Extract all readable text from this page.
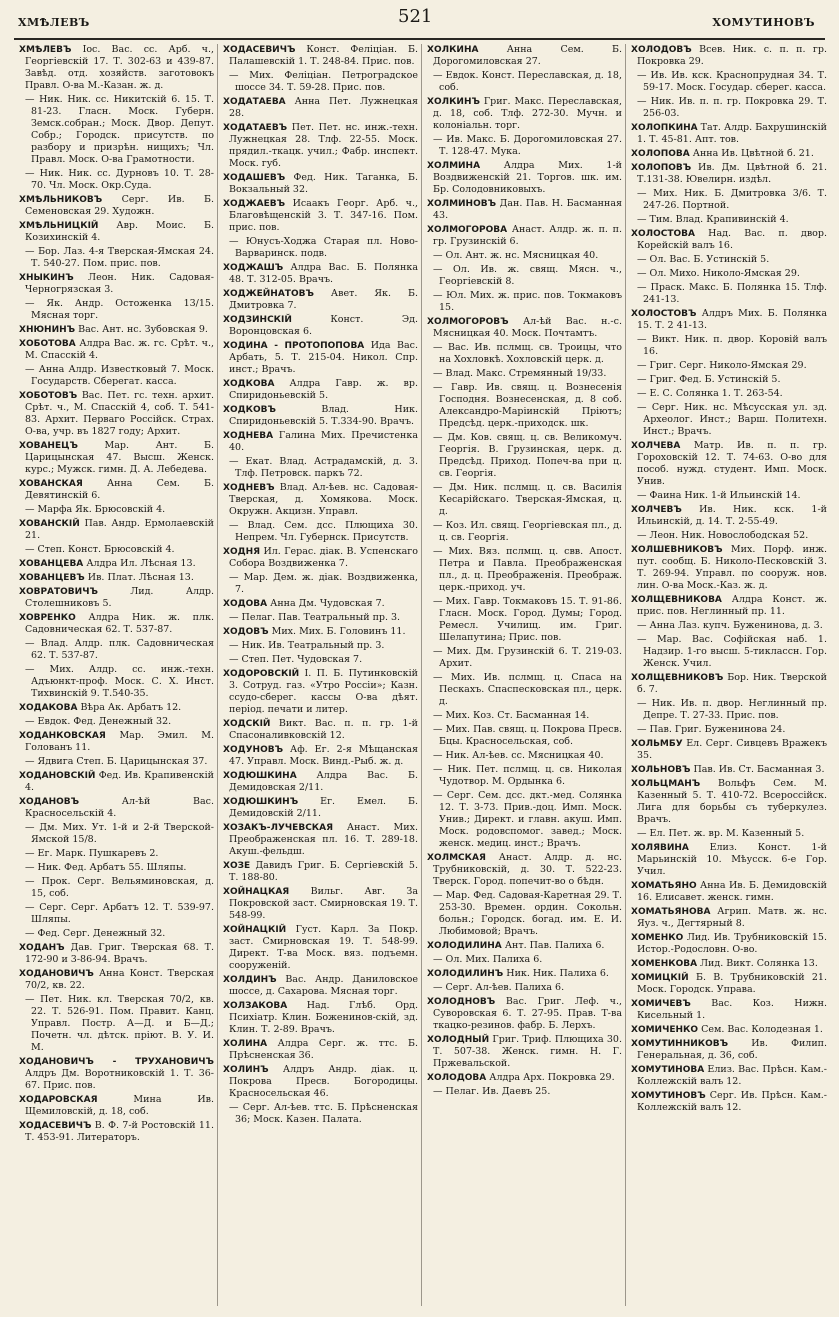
ХМѢЛЕВЪ	521	ХОМУТИНОВЪ
ХМѢЛЕВЪ Іос. Вас. сс. Арб. ч., Георгіевскій 17. Т. 302-63 и 439-87. Завѣд. отд. хозяйств. заготовокъ Правл. О-ва М.-Казан. ж. д.
— Ник. Ник. сс. Никитскій 6. 15. Т. 81-23. Гласн. Моск. Губерн. Земск.собран.; Моск. Двор. Депут. Собр.; Городск. присутств. по разбору и призрѣн. нищихъ; Чл. Правл. Моск. О-ва Грамотности.
— Ник. Ник. сс. Дурновъ 10. Т. 28-70. Чл. Моск. Окр.Суда.
ХМѢЛЬНИКОВЪ Серг. Ив. Б. Семеновская 29. Художн.
ХМѢЛЬНИЦКІЙ Авр. Моис. Б. Козихинскій 4.
— Бор. Лаз. 4-я Тверская-Ямская 24. Т. 540-27. Пом. прис. пов.
ХНЫКИНЪ Леон. Ник. Садовая-Черногрязская 3.
— Як. Андр. Остоженка 13/15. Мясная торг.
ХНЮНИНЪ Вас. Ант. нс. Зубовская 9.
ХОБОТОВА Алдра Вас. ж. гс. Срѣт. ч., М. Спасскій 4.
— Анна Алдр. Известковый 7. Моск. Государств. Сберегат. касса.
ХОБОТОВЪ Вас. Пет. гс. техн. архит. Срѣт. ч., М. Спасскій 4, соб. Т. 541-83. Архит. Перваго Россійск. Страх. О-ва, учр. въ 1827 году; Архит.
ХОВАНЕЦЪ	Мар. Ант. Б. Царицынская 47. Высш. Женск. курс.; Мужск. гимн. Д. А. Лебедева.
ХОВАНСКАЯ	Анна Сем. Б. Девятинскій 6.
— Марфа Як. Брюсовскій 4.
ХОВАНСКІЙ Пав. Андр. Ермолаевскій 21.
— Степ. Конст. Брюсовскій 4.
ХОВАНЦЕВА Алдра Ил. Лѣсная 13.
ХОВАНЦЕВЪ Ив. Плат. Лѣсная 13.
ХОВРАТОВИЧЪ	Лид. Алдр. Столешниковъ 5.
ХОВРЕНКО Алдра Ник. ж. плк. Садовническая 62. Т. 537-87.
— Влад. Алдр. плк. Садовническая 62. Т. 537-87.
— Мих. Алдр. сс. инж.-техн. Адъюнкт-проф. Моск. С. Х. Инст. Тихвинскій 9. Т.540-35.
ХОДАКОВА Вѣра Ак. Арбатъ 12.
— Евдок. Фед. Денежный 32.
ХОДАНКОВСКАЯ Мар. Эмил. М. Голованъ 11.
— Ядвига Степ. Б. Царицынская 37.
ХОДАНОВСКІЙ Фед. Ив. Крапивенскій 4.
ХОДАНОВЪ	Ал-ѣй Вас. Красносельскій 4.
— Дм. Мих. Ут. 1-й и 2-й Тверской-Ямской 15/8.
— Ег. Марк. Пушкаревъ 2.
— Ник. Фед. Арбатъ 55. Шляпы.
— Прок. Серг. Вельяминовская, д. 15, соб.
— Серг. Серг. Арбатъ 12. Т. 539-97. Шляпы.
— Фед. Серг. Денежный 32.
ХОДАНЪ Дав. Григ. Тверская 68. Т. 172-90 и 3-86-94. Врачъ.
ХОДАНОВИЧЪ Анна Конст. Тверская 70/2, кв. 22.
— Пет. Ник. кл. Тверская 70/2, кв. 22. Т. 526-91. Пом. Правит. Канц. Управл. Постр. А—Д. и Б—Д.; Почетн. чл. дѣтск. пріют. В. У. И. М.
ХОДАНОВИЧЪ - ТРУХАНОВИЧЪ Алдръ Дм. Воротниковскій 1. Т. 36-67. Прис. пов.
ХОДАРОВСКАЯ	Мина Ив. Щемиловскій, д. 18, соб.
ХОДАСЕВИЧЪ В. Ф. 7-й Ростовскій 11. Т. 453-91. Литераторъ.
ХОДАСЕВИЧЪ Конст. Феліціан. Б. Палашевскій 1. Т. 248-84. Прис. пов.
— Мих. Феліціан. Петроградское шоссе 34. Т. 59-28. Прис. пов.
ХОДАТАЕВА Анна Пет. Лужнецкая 28.
ХОДАТАЕВЪ Пет. Пет. нс. инж.-техн. Лужнецкая 28. Тлф. 22-55. Моск. прядил.-ткацк. учил.; Фабр. инспект. Моск. губ.
ХОДАШЕВЪ Фед. Ник. Таганка, Б. Вокзальный 32.
ХОДЖАЕВЪ Исаакъ Георг. Арб. ч., Благовѣщенскій 3. Т. 347-16. Пом. прис. пов.
— Юнусъ-Ходжа Старая пл. Ново-Варваринск. подв.
ХОДЖАШЪ Алдра Вас. Б. Полянка 48. Т. 312-05. Врачъ.
ХОДЖЕЙНАТОВЪ Авет. Як. Б. Дмитровка 7.
ХОДЗИНСКІЙ	Конст. Эд. Воронцовская 6.
ХОДИНА - ПРОТОПОПОВА Ида Вас. Арбать, 5. Т. 215-04. Никол. Спр. инст.; Врачъ.
ХОДКОВА Алдра Гавр. ж. вр. Спиридоньевскій 5.
ХОДКОВЪ	Влад. Ник. Спиридоньевскій 5. Т.334-90. Врачъ.
ХОДНЕВА Галина Мих. Пречистенка 40.
— Екат. Влад. Астрадамскій, д. 3. Тлф. Петровск. паркъ 72.
ХОДНЕВЪ Влад. Ал-ѣев. нс. Садовая-Тверская, д. Хомякова. Моск. Окружн. Акцизн. Управл.
— Влад. Сем. дсс. Плющиха 30. Непрем. Чл. Губернск. Присутств.
ХОДНЯ Ил. Герас. діак. В. Успенскаго Собора Воздвиженка 7.
— Мар. Дем. ж. діак. Воздвиженка, 7.
ХОДОВА Анна Дм. Чудовская 7.
— Пелаг. Пав. Театральный пр. 3.
ХОДОВЪ Мих. Мих. Б. Головинъ 11.
— Ник. Ив. Театральный пр. 3.
— Степ. Пет. Чудовская 7.
ХОДОРОВСКІЙ І. П. Б. Путинковскій 3. Сотруд. газ. «Утро Россіи»; Казн. ссудо-сберег. кассы О-ва дѣят. період. печати и литер.
ХОДСКІЙ Викт. Вас. п. п. гр. 1-й Спасоналивковскій 12.
ХОДУНОВЪ Аф. Ег. 2-я Мѣщанская 47. Управл. Моск. Винд.-Рыб. ж. д.
ХОДЮШКИНА Алдра Вас. Б. Демидовская 2/11.
ХОДЮШКИНЪ Ег. Емел. Б. Демидовскій 2/11.
ХОЗАКЪ-ЛУЧЕВСКАЯ Анаст. Мих. Преображенская пл. 16. Т. 289-18. Акуш.-фельдш.
ХОЗЕ Давидъ Григ. Б. Сергіевскій 5. Т. 188-80.
ХОЙНАЦКАЯ Вильг. Авг. За Покровской заст. Смирновская 19. Т. 548-99.
ХОЙНАЦКІЙ Густ. Карл. За Покр. заст. Смирновская 19. Т. 548-99. Директ. Т-ва Моск. вяз. подъемн. сооруженій.
ХОЛДИНЪ Вас. Андр. Даниловское шоссе, д. Сахарова. Мясная торг.
ХОЛЗАКОВА Над. Глѣб. Орд. Психіатр. Клин. Боженинов-скій, зд. Клин. Т. 2-89. Врачъ.
ХОЛИНА Алдра Серг. ж. ттс. Б. Прѣсненская 36.
ХОЛИНЪ Алдръ Андр. діак. ц. Покрова Пресв. Богородицы. Красносельская 46.
— Серг. Ал-ѣев. ттс. Б. Прѣсненская 36; Моск. Казен. Палата.
ХОЛКИНА	Анна Сем. Б. Дорогомиловская 27.
— Евдок. Конст. Переславская, д. 18, соб.
ХОЛКИНЪ Григ. Макс. Переславская, д. 18, соб. Тлф. 272-30. Мучн. и колоніальн. торг.
— Ив. Макс. Б. Дорогомиловская 27. Т. 128-47. Мука.
ХОЛМИНА Алдра Мих. 1-й Воздвиженскій 21. Торгов. шк. им. Бр. Солодовниковыхъ.
ХОЛМИНОВЪ Дан. Пав. Н. Басманная 43.
ХОЛМОГОРОВА Анаст. Алдр. ж. п. п. гр. Грузинскій 6.
— Ол. Ант. ж. нс. Мясницкая 40.
— Ол. Ив. ж. свящ. Мясн. ч., Георгіевскій 8.
— Юл. Мих. ж. прис. пов. Токмаковъ 15.
ХОЛМОГОРОВЪ Ал-ѣй Вас. н.-с. Мясницкая 40. Моск. Почтамтъ.
— Вас. Ив. пслмщ. св. Троицы, что на Хохловкѣ. Хохловскій церк. д.
— Влад. Макс. Стремянный 19/33.
— Гавр. Ив. свящ. ц. Вознесенія Господня. Вознесенская, д. 8 соб. Александро-Маріинскій Пріютъ; Предсѣд. церк.-приходск. шк.
— Дм. Ков. свящ. ц. св. Великомуч. Георгія. В. Грузинская, церк. д. Предсѣд. Приход. Попеч-ва при ц. св. Георгія.
— Дм. Ник. пслмщ. ц. св. Василія Кесарійскаго. Тверская-Ямская, ц. д.
— Коз. Ил. свящ. Георгіевская пл., д. ц. св. Георгія.
— Мих. Вяз. пслмщ. ц. свв. Апост. Петра и Павла. Преображенская пл., д. ц. Преображенія. Преображ. церк.-приход. уч.
— Мих. Гавр. Токмаковъ 15. Т. 91-86. Гласн. Моск. Город. Думы; Город. Ремесл. Училищ. им. Григ. Шелапутина; Прис. пов.
— Мих. Дм. Грузинскій 6. Т. 219-03. Архит.
— Мих. Ив. пслмщ. ц. Спаса на Пескахъ. Спаспесковская пл., церк. д.
— Мих. Коз. Ст. Басманная 14.
— Мих. Пав. свящ. ц. Покрова Пресв. Бцы. Красносельская, соб.
— Ник. Ал-ѣев. сс. Мясницкая 40.
— Ник. Пет. пслмщ. ц. св. Николая Чудотвор. М. Ордынка 6.
— Серг. Сем. дсс. дкт.-мед. Солянка 12. Т. 3-73. Прив.-доц. Имп. Моск. Унив.; Директ. и главн. акуш. Имп. Моск. родовспомог. завед.; Моск. женск. медиц. инст.; Врачъ.
ХОЛМСКАЯ Анаст. Алдр. д. нс. Трубниковскій, д. 30. Т. 522-23. Тверск. Город. попечит-во о бѣдн.
— Мар. Фед. Садовая-Каретная 29. Т. 253-30. Времен. ордин. Сокольн. больн.; Городск. богад. им. Е. И. Любимовой; Врачъ.
ХОЛОДИЛИНА Ант. Пав. Палиха 6.
— Ол. Мих. Палиха 6.
ХОЛОДИЛИНЪ Ник. Ник. Палиха 6.
— Серг. Ал-ѣев. Палиха 6.
ХОЛОДНОВЪ Вас. Григ. Леф. ч., Суворовская 6. Т. 27-95. Прав. Т-ва ткацко-резинов. фабр. Б. Лерхъ.
ХОЛОДНЫЙ Григ. Триф. Плющиха 30. Т. 507-38. Женск. гимн. Н. Г. Пржевальской.
ХОЛОДОВА Алдра Арх. Покровка 29.
— Пелаг. Ив. Даевъ 25.
ХОЛОДОВЪ Всев. Ник. с. п. п. гр. Покровка 29.
— Ив. Ив. кск. Краснопрудная 34. Т. 59-17. Моск. Государ. сберег. касса.
— Ник. Ив. п. п. гр. Покровка 29. Т. 256-03.
ХОЛОПКИНА Тат. Алдр. Бахрушинскій 1. Т. 45-81. Апт. тов.
ХОЛОПОВА Анна Ив. Цвѣтной б. 21.
ХОЛОПОВЪ Ив. Дм. Цвѣтной б. 21. Т.131-38. Ювелирн. издѣл.
— Мих. Ник. Б. Дмитровка 3/6. Т. 247-26. Портной.
— Тим. Влад. Крапивинскій 4.
ХОЛОСТОВА Над. Вас. п. двор. Корейскій валъ 16.
— Ол. Вас. Б. Устинскій 5.
— Ол. Михо. Николо-Ямская 29.
— Праск. Макс. Б. Полянка 15. Тлф. 241-13.
ХОЛОСТОВЪ Алдръ Мих. Б. Полянка 15. Т. 2 41-13.
— Викт. Ник. п. двор. Коровій валъ 16.
— Григ. Серг. Николо-Ямская 29.
— Григ. Фед. Б. Устинскій 5.
— Е. С. Солянка 1. Т. 263-54.
— Серг. Ник. нс. Мѣсусская ул. зд. Археолог. Инст.; Варш. Политехн. Инст.; Врачъ.
ХОЛЧЕВА Матр. Ив. п. п. гр. Гороховскій 12. Т. 74-63. О-во для пособ. нужд. студент. Имп. Моск. Унив.
— Фаина Ник. 1-й Ильинскій 14.
ХОЛЧЕВЪ Ив. Ник. кск. 1-й Ильинскій, д. 14. Т. 2-55-49.
— Леон. Ник. Новослободская 52.
ХОЛШЕВНИКОВЪ Мих. Порф. инж. пут. сообщ. Б. Николо-Песковскій 3. Т. 269-94. Управл. по сооруж. нов. лин. О-ва Моск.-Каз. ж. д.
ХОЛЩЕВНИКОВА Алдра Конст. ж. прис. пов. Неглинный пр. 11.
— Анна Лаз. купч. Буженинова, д. 3.
— Мар. Вас. Софійская наб. 1. Надзир. 1-го высш. 5-тиклассн. Гор. Женск. Учил.
ХОЛЩЕВНИКОВЪ Бор. Ник. Тверской б. 7.
— Ник. Ив. п. двор. Неглинный пр. Депре. Т. 27-33. Прис. пов.
— Пав. Григ. Буженинова 24.
ХОЛЬМБУ Ел. Серг. Сивцевъ Вражекъ 35.
ХОЛЬНОВЪ Пав. Ив. Ст. Басманная 3.
ХОЛЬЦМАНЪ Вольфъ Сем. М. Казенный 5. Т. 410-72. Всероссійск. Лига для борьбы съ туберкулез. Врачъ.
— Ел. Пет. ж. вр. М. Казенный 5.
ХОЛЯВИНА Елиз. Конст. 1-й Марьинскій 10. Мѣусск. 6-е Гор. Учил.
ХОМАТЬЯНО Анна Ив. Б. Демидовскій 16. Елисавет. женск. гимн.
ХОМАТЬЯНОВА Агрип. Матв. ж. нс. Яуз. ч., Дегтярный 8.
ХОМЕНКО Лид. Ив. Трубниковскій 15. Истор.-Родословн. О-во.
ХОМЕНКОВА Лид. Викт. Солянка 13.
ХОМИЦКІЙ Б. В. Трубниковскій 21. Моск. Городск. Управа.
ХОМИЧЕВЪ Вас. Коз. Нижн. Кисельный 1.
ХОМИЧЕНКО Сем. Вас. Колодезная 1.
ХОМУТИННИКОВЪ Ив. Филип. Генеральная, д. 36, соб.
ХОМУТИНОВА Елиз. Вас. Прѣсн. Кам.-Коллежскій валъ 12.
ХОМУТИНОВЪ Серг. Ив. Прѣсн. Кам.-Коллежскій валъ 12.
